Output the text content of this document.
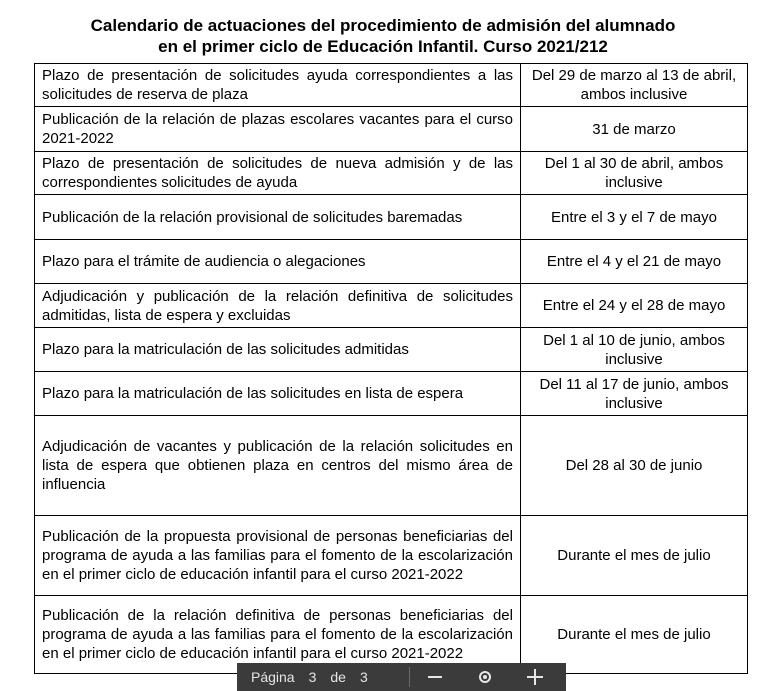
Calendario de actuaciones del procedimiento de admisión del alumnado
en el primer ciclo de Educación Infantil. Curso 2021/212
Plazo de presentación de solicitudes ayuda correspondientes a las solicitudes de reserva de plaza	Del 29 de marzo al 13 de abril, ambos inclusive
Publicación de la relación de plazas escolares vacantes para el curso 2021-2022	31 de marzo
Plazo de presentación de solicitudes de nueva admisión y de las correspondientes solicitudes de ayuda	Del 1 al 30 de abril, ambos inclusive
Publicación de la relación provisional de solicitudes baremadas	Entre el 3 y el 7 de mayo
Plazo para el trámite de audiencia o alegaciones	Entre el 4 y el 21 de mayo
Adjudicación y publicación de la relación definitiva de solicitudes admitidas, lista de espera y excluidas	Entre el 24 y el 28 de mayo
Plazo para la matriculación de las solicitudes admitidas	Del 1 al 10 de junio, ambos inclusive
Plazo para la matriculación de las solicitudes en lista de espera	Del 11 al 17 de junio, ambos inclusive
Adjudicación de vacantes y publicación de la relación solicitudes en lista de espera que obtienen plaza en centros del mismo área de influencia	Del 28 al 30 de junio
Publicación de la propuesta provisional de personas beneficiarias del programa de ayuda a las familias para el fomento de la escolarización en el primer ciclo de educación infantil para el curso 2021-2022	Durante el mes de julio
Publicación de la relación definitiva de personas beneficiarias del programa de ayuda a las familias para el fomento de la escolarización en el primer ciclo de educación infantil para el curso 2021-2022	Durante el mes de julio
Página 3 de 3
